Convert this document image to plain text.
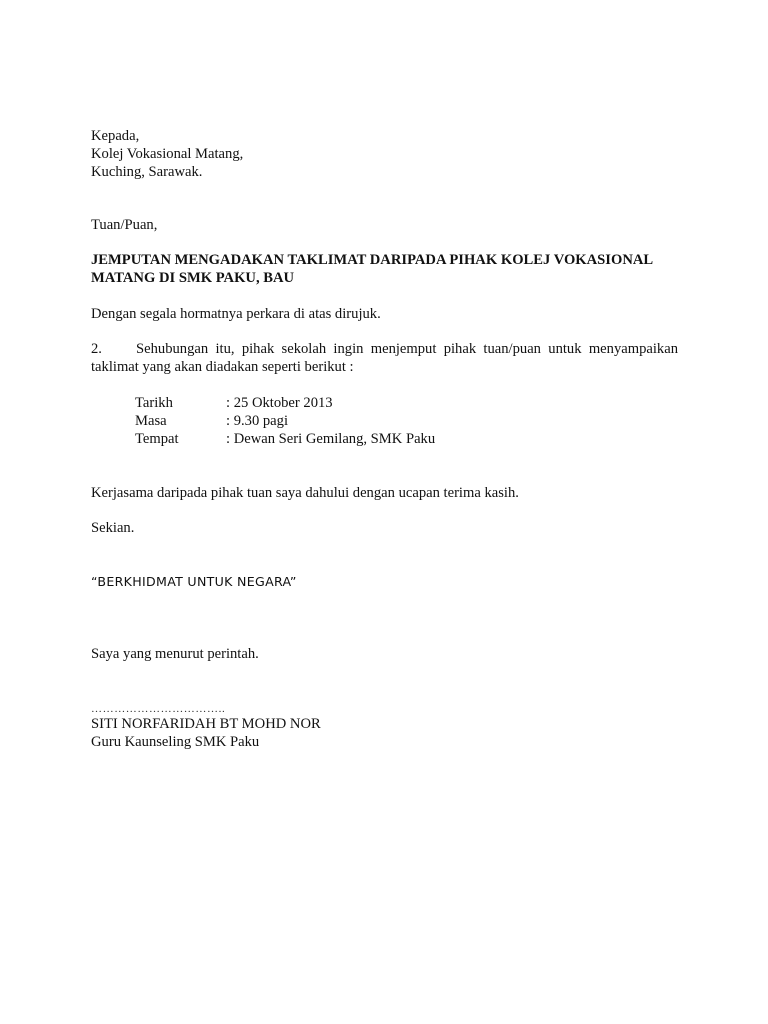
Kepada,
Kolej Vokasional Matang,
Kuching, Sarawak.
Tuan/Puan,
JEMPUTAN MENGADAKAN TAKLIMAT DARIPADA PIHAK KOLEJ VOKASIONAL
MATANG DI SMK PAKU, BAU
Dengan segala hormatnya perkara di atas dirujuk.
2. Sehubungan itu, pihak sekolah ingin menjemput pihak tuan/puan untuk menyampaikan
taklimat yang akan diadakan seperti berikut :
Tarikh	: 25 Oktober 2013
Masa	: 9.30 pagi
Tempat	: Dewan Seri Gemilang, SMK Paku
Kerjasama daripada pihak tuan saya dahului dengan ucapan terima kasih.
Sekian.
“BERKHIDMAT UNTUK NEGARA”
Saya yang menurut perintah.
……………………………..
SITI NORFARIDAH BT MOHD NOR
Guru Kaunseling SMK Paku
